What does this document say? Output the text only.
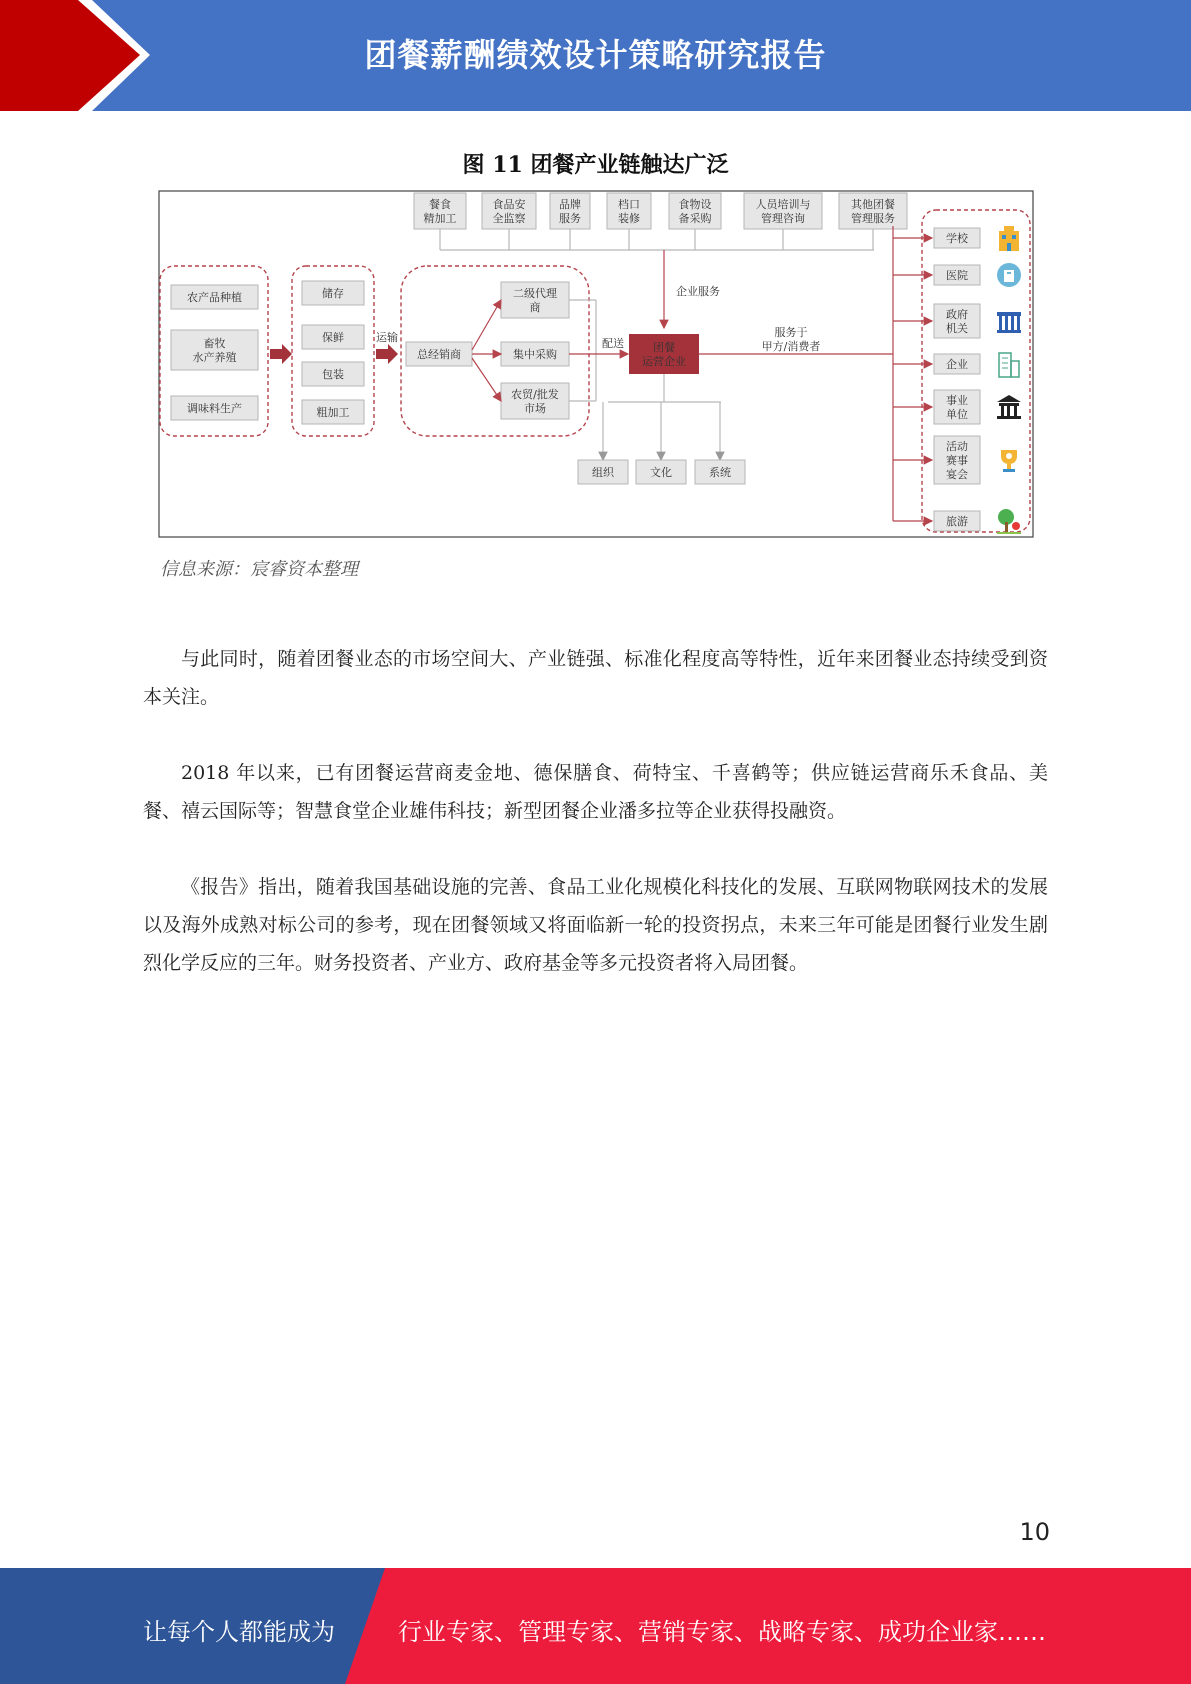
团餐薪酬绩效设计策略研究报告
图 11 团餐产业链触达广泛
餐食精加工
食品安全监察
品牌服务
档口装修
食物设备采购
人员培训与管理咨询
其他团餐管理服务
企业服务
农产品种植
畜牧水产养殖
调味料生产
储存
保鲜
包装
粗加工
运输
总经销商
二级代理商
集中采购
农贸/批发市场
配送	团餐运营企业
服务于甲方/消费者
组织	文化	系统
学校
医院
政府机关
企业
事业单位
活动赛事宴会
旅游
信息来源：宸睿资本整理
与此同时，随着团餐业态的市场空间大、产业链强、标准化程度高等特性，近年来团餐业态持续受到资本关注。
2018 年以来，已有团餐运营商麦金地、德保膳食、荷特宝、千喜鹤等；供应链运营商乐禾食品、美餐、禧云国际等；智慧食堂企业雄伟科技；新型团餐企业潘多拉等企业获得投融资。
《报告》指出，随着我国基础设施的完善、食品工业化规模化科技化的发展、互联网物联网技术的发展以及海外成熟对标公司的参考，现在团餐领域又将面临新一轮的投资拐点，未来三年可能是团餐行业发生剧烈化学反应的三年。财务投资者、产业方、政府基金等多元投资者将入局团餐。
10
让每个人都能成为	行业专家、管理专家、营销专家、战略专家、成功企业家……
